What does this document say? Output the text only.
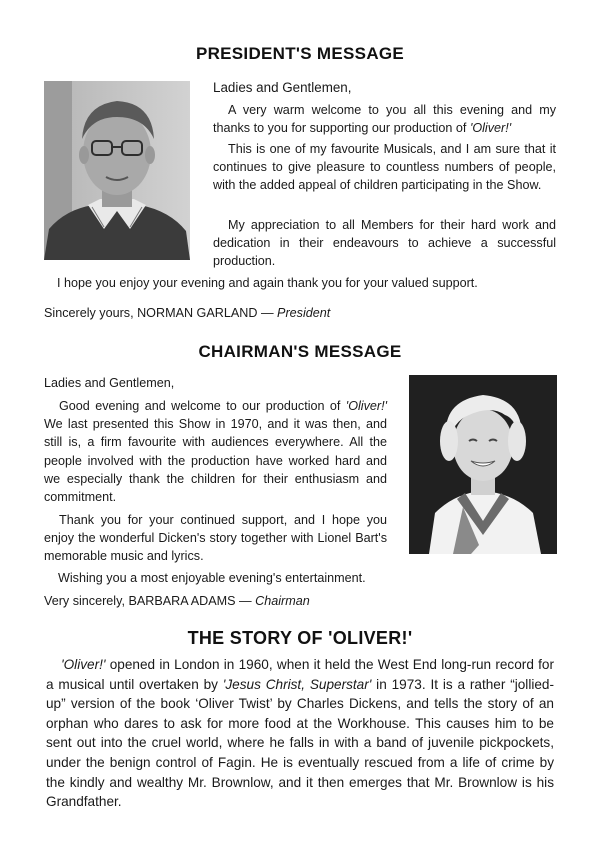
PRESIDENT'S MESSAGE
Ladies and Gentlemen,
A very warm welcome to you all this evening and my thanks to you for supporting our production of 'Oliver!'
This is one of my favourite Musicals, and I am sure that it continues to give pleasure to countless numbers of people, with the added appeal of children participating in the Show.
My appreciation to all Members for their hard work and dedication in their endeavours to achieve a successful production.
I hope you enjoy your evening and again thank you for your valued support.
Sincerely yours, NORMAN GARLAND — President
CHAIRMAN'S MESSAGE
Ladies and Gentlemen,
Good evening and welcome to our production of 'Oliver!' We last presented this Show in 1970, and it was then, and still is, a firm favourite with audiences everywhere. All the people involved with the production have worked hard and we especially thank the children for their enthusiasm and commitment.
Thank you for your continued support, and I hope you enjoy the wonderful Dicken's story together with Lionel Bart's memorable music and lyrics.
Wishing you a most enjoyable evening's entertainment.
Very sincerely, BARBARA ADAMS — Chairman
THE STORY OF 'OLIVER!'
'Oliver!' opened in London in 1960, when it held the West End long-run record for a musical until overtaken by 'Jesus Christ, Superstar' in 1973. It is a rather “jollied-up” version of the book ‘Oliver Twist’ by Charles Dickens, and tells the story of an orphan who dares to ask for more food at the Workhouse. This causes him to be sent out into the cruel world, where he falls in with a band of juvenile pickpockets, under the benign control of Fagin. He is eventually rescued from a life of crime by the kindly and wealthy Mr. Brownlow, and it then emerges that Mr. Brownlow is his Grandfather.
